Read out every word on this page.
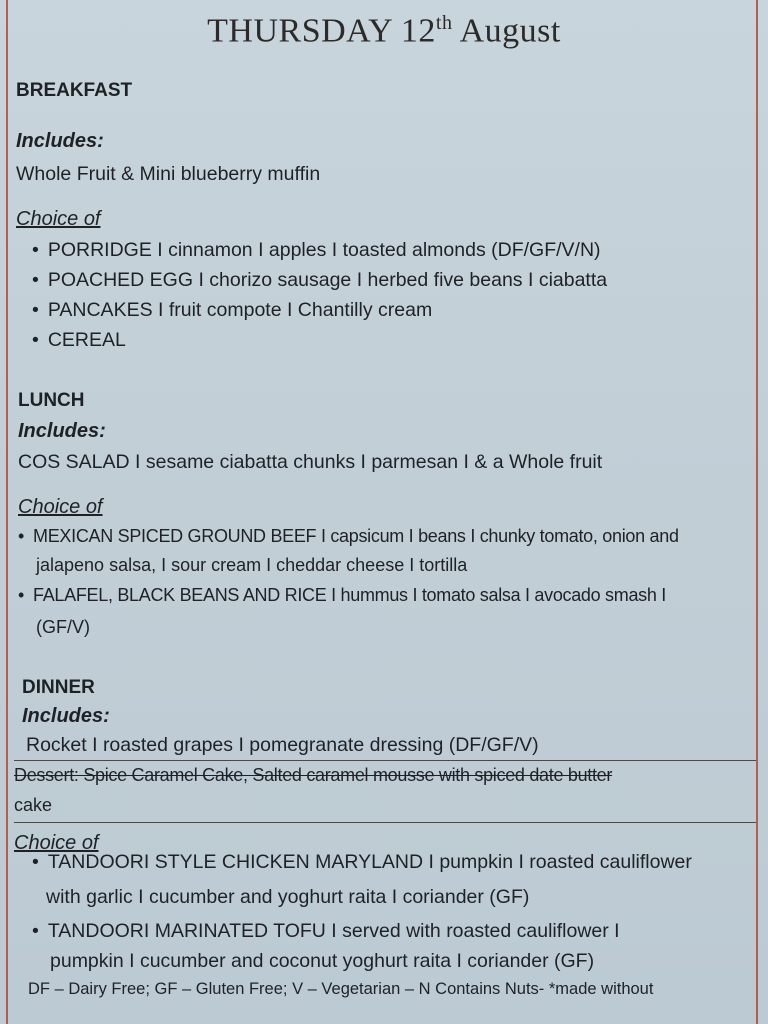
THURSDAY 12th August
BREAKFAST
Includes:
Whole Fruit & Mini blueberry muffin
Choice of
• PORRIDGE I cinnamon I apples I toasted almonds (DF/GF/V/N)
• POACHED EGG I chorizo sausage I herbed five beans I ciabatta
• PANCAKES I fruit compote I Chantilly cream
• CEREAL
LUNCH
Includes:
COS SALAD I sesame ciabatta chunks I parmesan I & a Whole fruit
Choice of
• MEXICAN SPICED GROUND BEEF I capsicum I beans I chunky tomato, onion and
jalapeno salsa, I sour cream I cheddar cheese I tortilla
• FALAFEL, BLACK BEANS AND RICE I hummus I tomato salsa I avocado smash I
(GF/V)
DINNER
Includes:
Rocket I roasted grapes I pomegranate dressing (DF/GF/V)
Dessert: Spice Caramel Cake, Salted caramel mousse with spiced date butter
cake
Choice of
• TANDOORI STYLE CHICKEN MARYLAND I pumpkin I roasted cauliflower
with garlic I cucumber and yoghurt raita I coriander (GF)
• TANDOORI MARINATED TOFU I served with roasted cauliflower I
pumpkin I cucumber and coconut yoghurt raita I coriander (GF)
DF – Dairy Free; GF – Gluten Free; V – Vegetarian – N Contains Nuts- *made without
